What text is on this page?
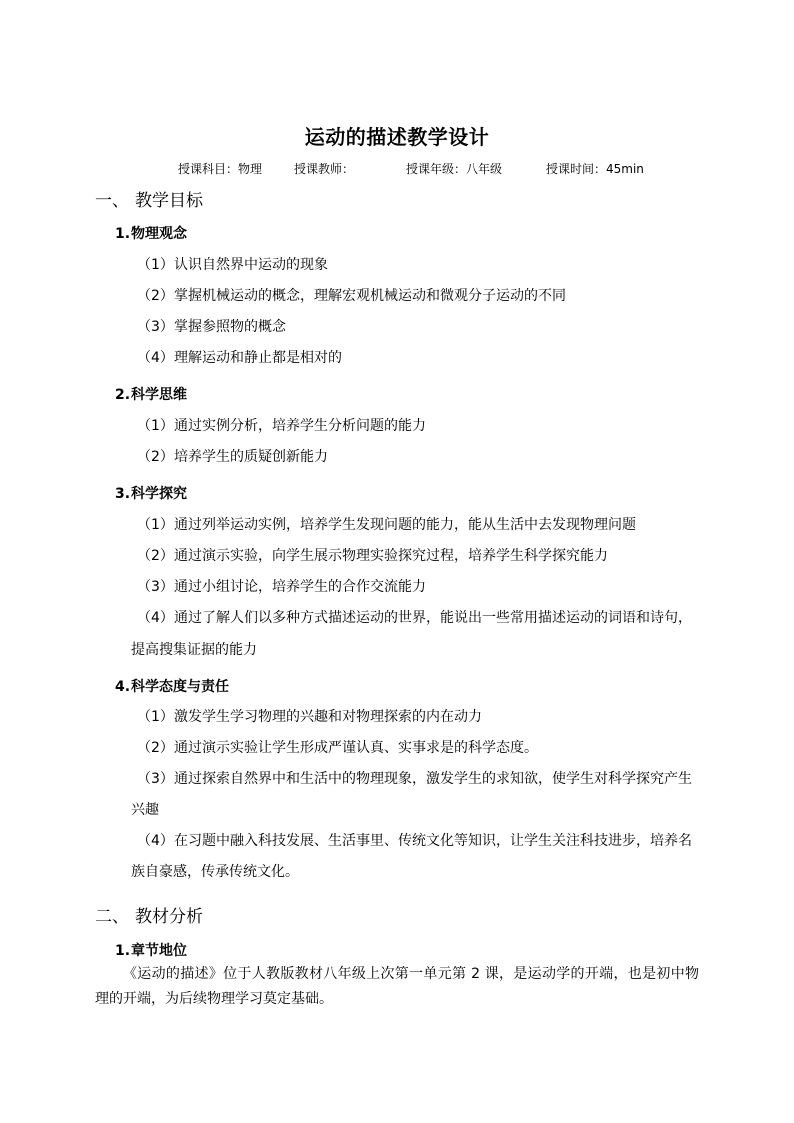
运动的描述教学设计
授课科目：物理	授课教师：	授课年级：八年级	授课时间：45min
一、 教学目标
1.物理观念
（1）认识自然界中运动的现象
（2）掌握机械运动的概念，理解宏观机械运动和微观分子运动的不同
（3）掌握参照物的概念
（4）理解运动和静止都是相对的
2.科学思维
（1）通过实例分析，培养学生分析问题的能力
（2）培养学生的质疑创新能力
3.科学探究
（1）通过列举运动实例，培养学生发现问题的能力，能从生活中去发现物理问题
（2）通过演示实验，向学生展示物理实验探究过程，培养学生科学探究能力
（3）通过小组讨论，培养学生的合作交流能力
（4）通过了解人们以多种方式描述运动的世界，能说出一些常用描述运动的词语和诗句，
提高搜集证据的能力
4.科学态度与责任
（1）激发学生学习物理的兴趣和对物理探索的内在动力
（2）通过演示实验让学生形成严谨认真、实事求是的科学态度。
（3）通过探索自然界中和生活中的物理现象，激发学生的求知欲，使学生对科学探究产生
兴趣
（4）在习题中融入科技发展、生活事里、传统文化等知识，让学生关注科技进步，培养名
族自豪感，传承传统文化。
二、 教材分析
1.章节地位
《运动的描述》位于人教版教材八年级上次第一单元第 2 课，是运动学的开端，也是初中物理的开端，为后续物理学习莫定基础。
